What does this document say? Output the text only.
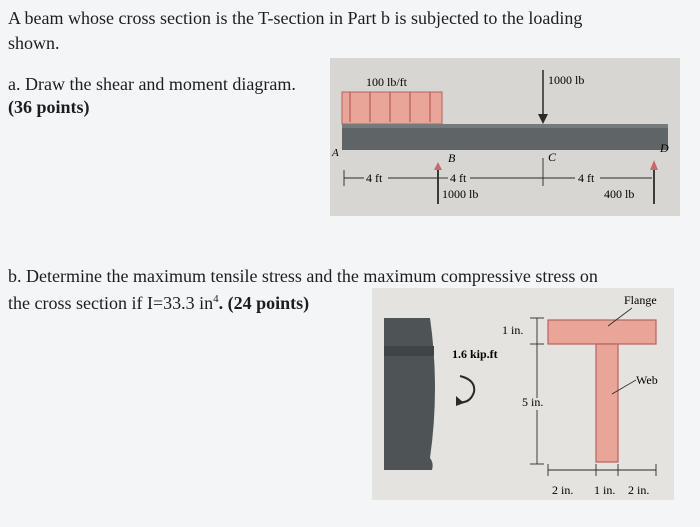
A beam whose cross section is the T-section in Part b is subjected to the loading
shown.
a. Draw the shear and moment diagram.
(36 points)
b. Determine the maximum tensile stress and the maximum compressive stress on
the cross section if I=33.3 $in^4$. (24 points)
100 lb/ft	1000 lb
A	B	C
D
4 ft	4 ft	4 ft
1000 lb	400 lb
1 in.
1.6 kip.ft
5 in.
Flange
Web
2 in. 1 in. 2 in.
